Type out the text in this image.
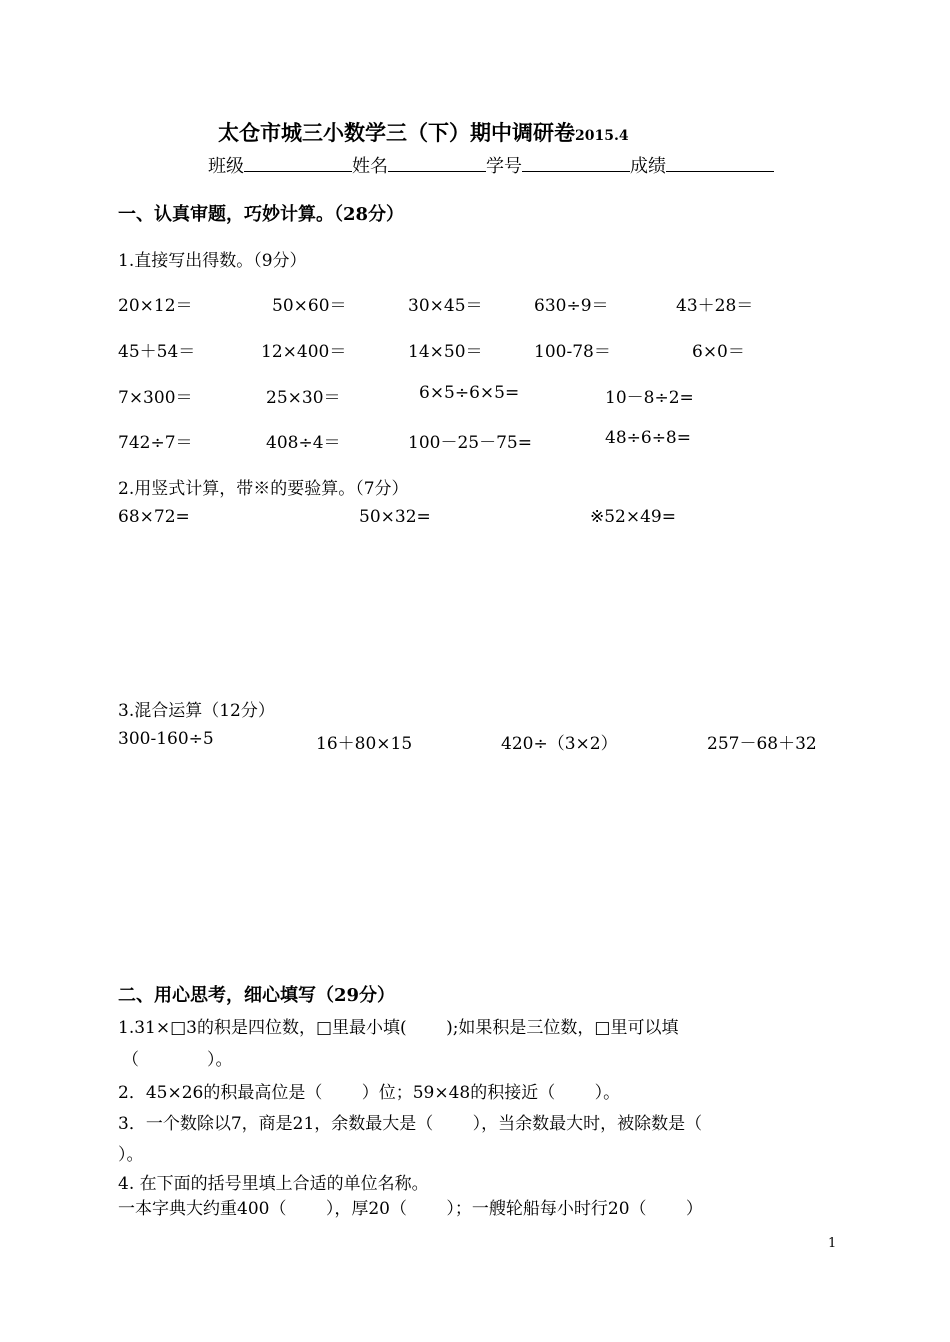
太仓市城三小数学三（下）期中调研卷2015.4
班级	姓名	学号	成绩
一、认真审题，巧妙计算。（28分）
1.直接写出得数。（9分）
20×12＝	50×60＝	30×45＝	630÷9＝	43＋28＝
45＋54＝	12×400＝	14×50＝	100-78＝	6×0＝
7×300＝	25×30＝	6×5÷6×5=	10－8÷2=
742÷7＝	408÷4＝	100－25－75=	48÷6÷8=
2.用竖式计算，带※的要验算。（7分）
68×72=	50×32=	※52×49=
3.混合运算（12分）
300-160÷5	16＋80×15	420÷（3×2）	257－68＋32
二、用心思考，细心填写（29分）
1.31×□3的积是四位数，□里最小填(　　 );如果积是三位数，□里可以填
（　　　　）。
2．45×26的积最高位是（　　 ）位；59×48的积接近（　　 ）。
3．一个数除以7，商是21，余数最大是（　　 ），当余数最大时，被除数是（
）。
4. 在下面的括号里填上合适的单位名称。
一本字典大约重400（　　 ），厚20（　　 ）；一艘轮船每小时行20（　　 ）
1
